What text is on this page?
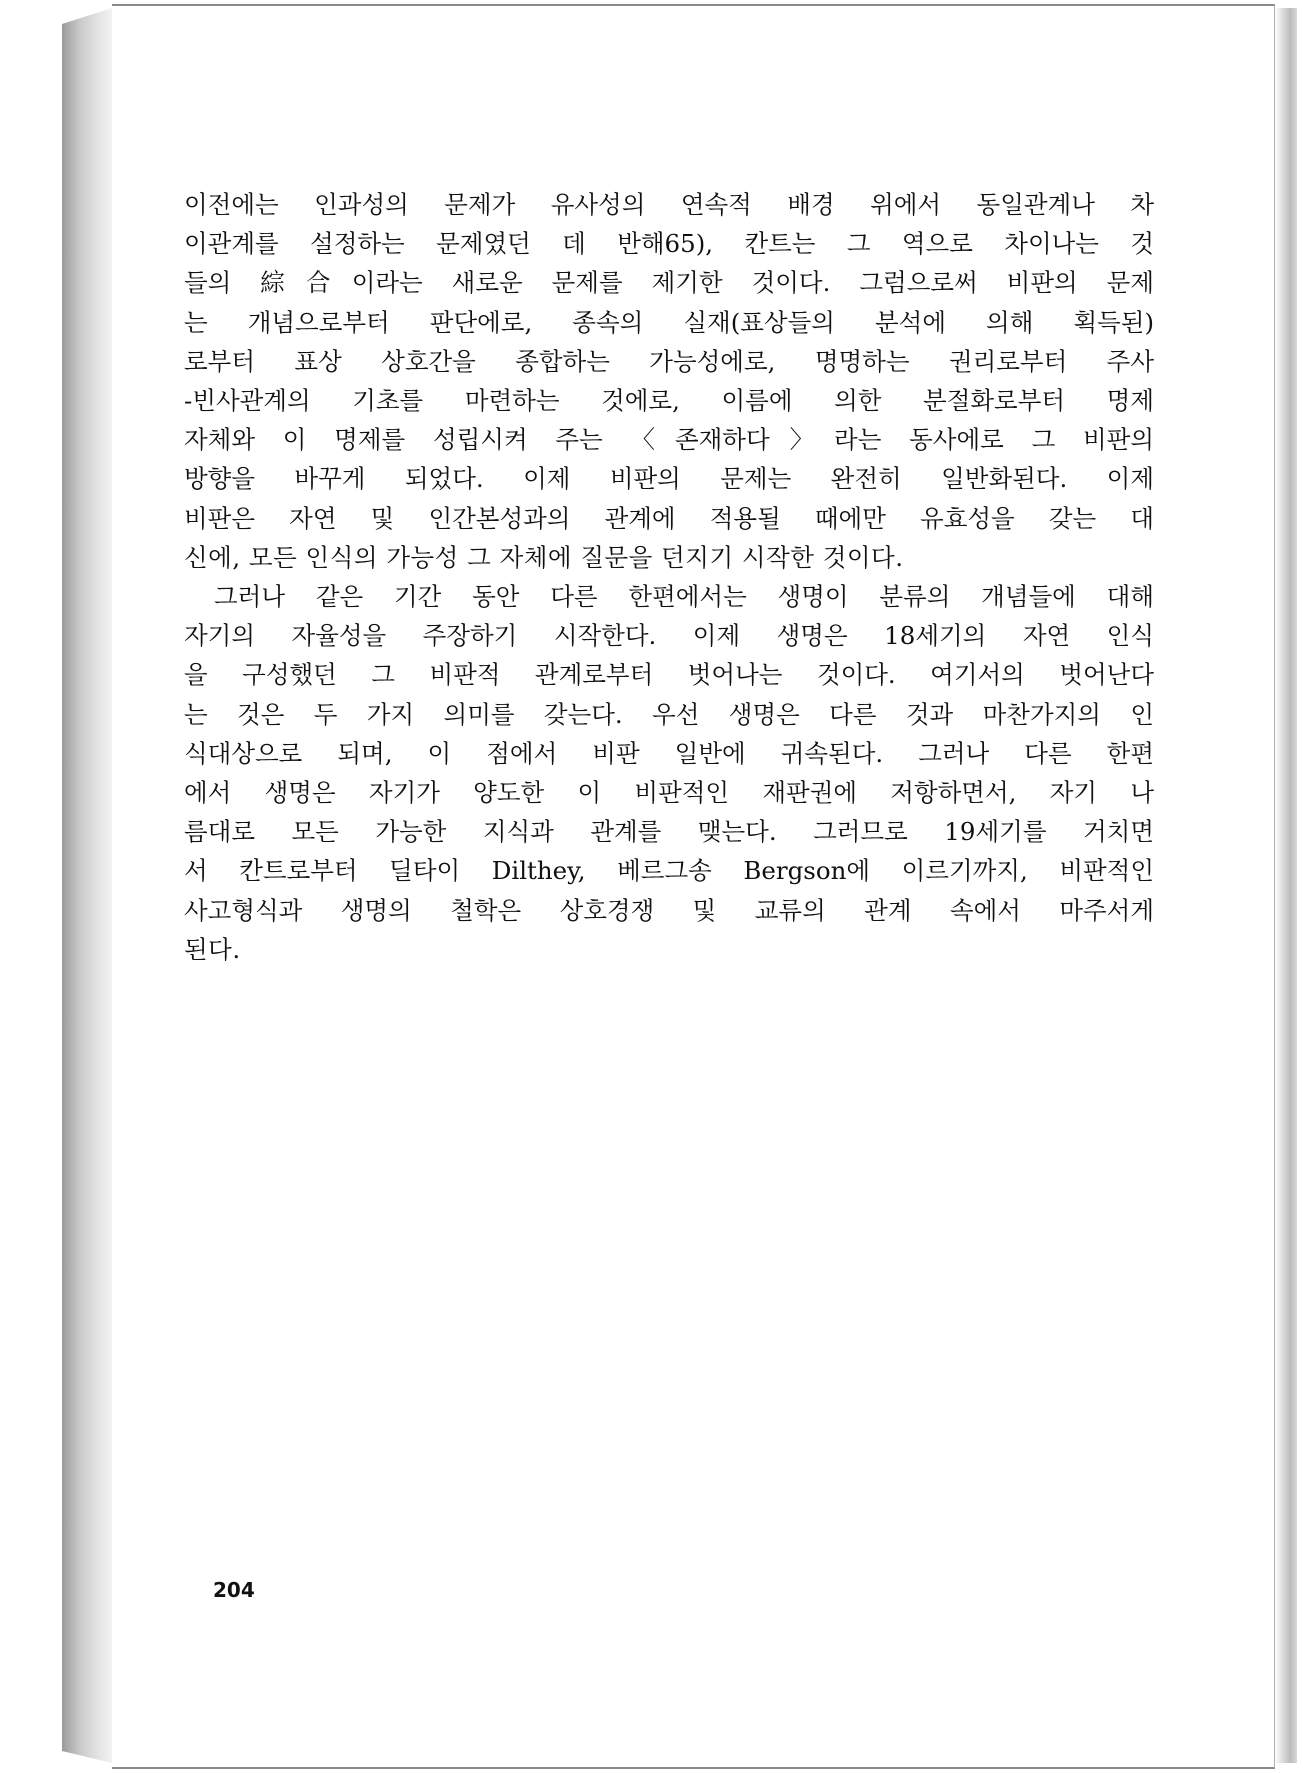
이전에는 인과성의 문제가 유사성의 연속적 배경 위에서 동일관계나 차
이관계를 설정하는 문제였던 데 반해65), 칸트는 그 역으로 차이나는 것
들의 綜合이라는 새로운 문제를 제기한 것이다. 그럼으로써 비판의 문제
는 개념으로부터 판단에로, 종속의 실재(표상들의 분석에 의해 획득된)
로부터 표상 상호간을 종합하는 가능성에로, 명명하는 권리로부터 주사
-빈사관계의 기초를 마련하는 것에로, 이름에 의한 분절화로부터 명제
자체와 이 명제를 성립시켜 주는 〈존재하다〉라는 동사에로 그 비판의
방향을 바꾸게 되었다. 이제 비판의 문제는 완전히 일반화된다. 이제
비판은 자연 및 인간본성과의 관계에 적용될 때에만 유효성을 갖는 대
신에, 모든 인식의 가능성 그 자체에 질문을 던지기 시작한 것이다.

그러나 같은 기간 동안 다른 한편에서는 생명이 분류의 개념들에 대해
자기의 자율성을 주장하기 시작한다. 이제 생명은 18세기의 자연 인식
을 구성했던 그 비판적 관계로부터 벗어나는 것이다. 여기서의 벗어난다
는 것은 두 가지 의미를 갖는다. 우선 생명은 다른 것과 마찬가지의 인
식대상으로 되며, 이 점에서 비판 일반에 귀속된다. 그러나 다른 한편
에서 생명은 자기가 양도한 이 비판적인 재판권에 저항하면서, 자기 나
름대로 모든 가능한 지식과 관계를 맺는다. 그러므로 19세기를 거치면
서 칸트로부터 딜타이 Dilthey, 베르그송 Bergson에 이르기까지, 비판적인
사고형식과 생명의 철학은 상호경쟁 및 교류의 관계 속에서 마주서게
된다.

204
